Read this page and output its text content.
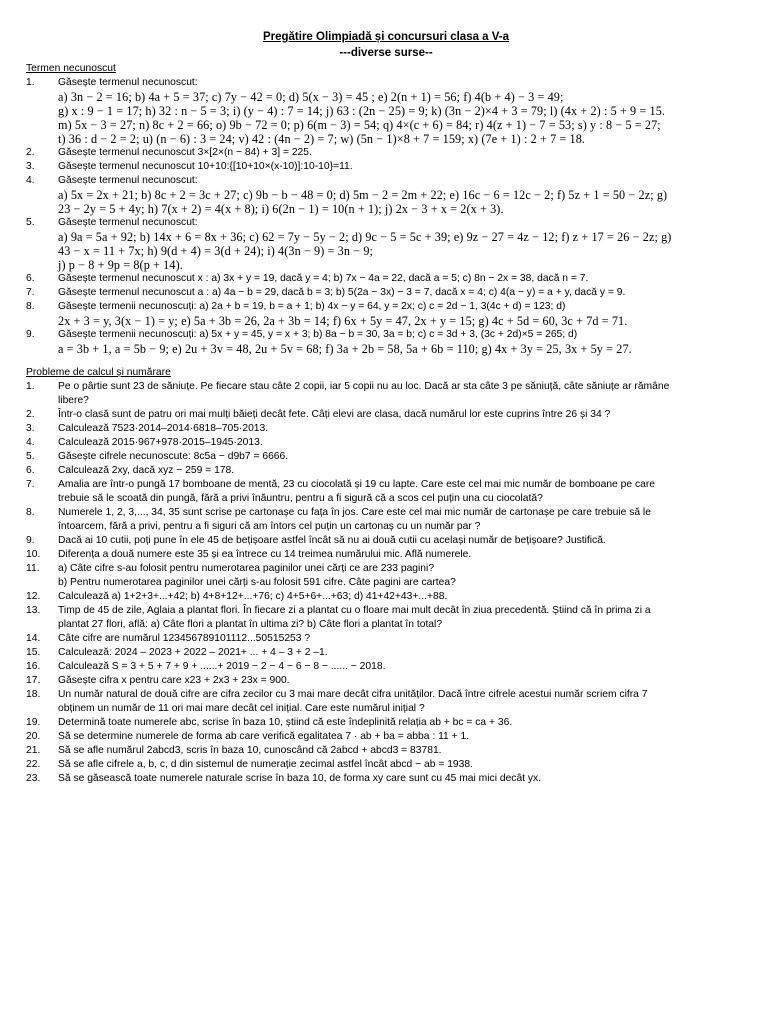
Pregătire Olimpiadă și concursuri clasa a V-a

---diverse surse--

Termen necunoscut

1.	Găsește termenul necunoscut:
a) 3n − 2 = 16; b) 4a + 5 = 37; c) 7y − 42 = 0; d) 5(x − 3) = 45 ; e) 2(n + 1) = 56; f) 4(b + 4) − 3 = 49;
g) x : 9 − 1 = 17; h) 32 : n − 5 = 3; i) (y − 4) : 7 = 14; j) 63 : (2n − 25) = 9; k) (3n − 2)×4 + 3 = 79; l) (4x + 2) : 5 + 9 = 15.
m) 5x − 3 = 27; n) 8c + 2 = 66; o) 9b − 72 = 0; p) 6(m − 3) = 54; q) 4×(c + 6) = 84; r) 4(z + 1) − 7 = 53; s) y : 8 − 5 = 27;
t) 36 : d − 2 = 2; u) (n − 6) : 3 = 24; v) 42 : (4n − 2) = 7; w) (5n − 1)×8 + 7 = 159; x) (7e + 1) : 2 + 7 = 18.
2.	Găsește termenul necunoscut 3×[2×(n − 84) + 3] = 225.
3.	Găsește termenul necunoscut 10+10:{[10+10×(x-10)]:10-10}=11.
4.	Găsește termenul necunoscut:
a) 5x = 2x + 21; b) 8c + 2 = 3c + 27; c) 9b − b − 48 = 0; d) 5m − 2 = 2m + 22; e) 16c − 6 = 12c − 2; f) 5z + 1 = 50 − 2z; g)
23 − 2y = 5 + 4y; h) 7(x + 2) = 4(x + 8); i) 6(2n − 1) = 10(n + 1); j) 2x − 3 + x = 2(x + 3).
5.	Găsește termenul necunoscut:
a) 9a = 5a + 92; b) 14x + 6 = 8x + 36; c) 62 = 7y − 5y − 2; d) 9c − 5 = 5c + 39; e) 9z − 27 = 4z − 12; f) z + 17 = 26 − 2z; g)
43 − x = 11 + 7x; h) 9(d + 4) = 3(d + 24); i) 4(3n − 9) = 3n − 9;
j) p − 8 + 9p = 8(p + 14).
6.	Găsește termenul necunoscut x : a) 3x + y = 19, dacă y = 4; b) 7x − 4a = 22, dacă a = 5; c) 8n − 2x = 38, dacă n = 7.
7.	Găsește termenul necunoscut a : a) 4a − b = 29, dacă b = 3; b) 5(2a − 3x) − 3 = 7, dacă x = 4; c) 4(a − y) = a + y, dacă y = 9.
8.	Găsește termenii necunoscuți: a) 2a + b = 19, b = a + 1; b) 4x − y = 64, y = 2x; c) c = 2d − 1, 3(4c + d) = 123; d)
2x + 3 = y, 3(x − 1) = y; e) 5a + 3b = 26, 2a + 3b = 14; f) 6x + 5y = 47, 2x + y = 15; g) 4c + 5d = 60, 3c + 7d = 71.
9.	Găsește termenii necunoscuți: a) 5x + y = 45, y = x + 3; b) 8a − b = 30, 3a = b; c) c = 3d + 3, (3c + 2d)×5 = 265; d)
a = 3b + 1, a = 5b − 9; e) 2u + 3v = 48, 2u + 5v = 68; f) 3a + 2b = 58, 5a + 6b = 110; g) 4x + 3y = 25, 3x + 5y = 27.

Probleme de calcul și numărare

1.	Pe o pârtie sunt 23 de săniuțe. Pe fiecare stau câte 2 copii, iar 5 copii nu au loc. Dacă ar sta câte 3 pe săniuță, câte săniuțe ar rămâne
libere?
2.	Într-o clasă sunt de patru ori mai mulți băieți decât fete. Câți elevi are clasa, dacă numărul lor este cuprins între 26 și 34 ?
3.	Calculează 7523·2014–2014·6818–705·2013.
4.	Calculează 2015·967+978·2015–1945·2013.
5.	Găsește cifrele necunoscute: 8c5a − d9b7 = 6666.
6.	Calculează 2xy, dacă xyz − 259 = 178.
7.	Amalia are într-o pungă 17 bomboane de mentă, 23 cu ciocolată și 19 cu lapte. Care este cel mai mic număr de bomboane pe care
trebuie să le scoată din pungă, fără a privi înăuntru, pentru a fi sigură că a scos cel puțin una cu ciocolată?
8.	Numerele 1, 2, 3,..., 34, 35 sunt scrise pe cartonașe cu fața în jos. Care este cel mai mic număr de cartonașe pe care trebuie să le
întoarcem, fără a privi, pentru a fi siguri că am întors cel puțin un cartonaș cu un număr par ?
9.	Dacă ai 10 cutii, poți pune în ele 45 de bețișoare astfel încât să nu ai două cutii cu același număr de bețișoare? Justifică.
10.	Diferența a două numere este 35 și ea întrece cu 14 treimea numărului mic. Află numerele.
11.	a) Câte cifre s-au folosit pentru numerotarea paginilor unei cărți ce are 233 pagini?
b) Pentru numerotarea paginilor unei cărți s-au folosit 591 cifre. Câte pagini are cartea?
12.	Calculează a) 1+2+3+...+42; b) 4+8+12+...+76; c) 4+5+6+...+63; d) 41+42+43+...+88.
13.	Timp de 45 de zile, Aglaia a plantat flori. În fiecare zi a plantat cu o floare mai mult decât în ziua precedentă. Știind că în prima zi a
plantat 27 flori, află: a) Câte flori a plantat în ultima zi? b) Câte flori a plantat în total?
14.	Câte cifre are numărul 123456789101112...50515253 ?
15.	Calculează: 2024 – 2023 + 2022 – 2021+ ... + 4 – 3 + 2 –1.
16.	Calculează S = 3 + 5 + 7 + 9 + ......+ 2019 − 2 − 4 − 6 − 8 − ...... − 2018.
17.	Găsește cifra x pentru care x23 + 2x3 + 23x = 900.
18.	Un număr natural de două cifre are cifra zecilor cu 3 mai mare decât cifra unităților. Dacă între cifrele acestui număr scriem cifra 7
obținem un număr de 11 ori mai mare decât cel inițial. Care este numărul inițial ?
19.	Determină toate numerele abc, scrise în baza 10, știind că este îndeplinită relația ab + bc = ca + 36.
20.	Să se determine numerele de forma ab care verifică egalitatea 7 · ab + ba = abba : 11 + 1.
21.	Să se afle numărul 2abcd3, scris în baza 10, cunoscând că 2abcd + abcd3 = 83781.
22.	Să se afle cifrele a, b, c, d din sistemul de numerație zecimal astfel încât abcd − ab = 1938.
23.	Să se găsească toate numerele naturale scrise în baza 10, de forma xy care sunt cu 45 mai mici decât yx.
